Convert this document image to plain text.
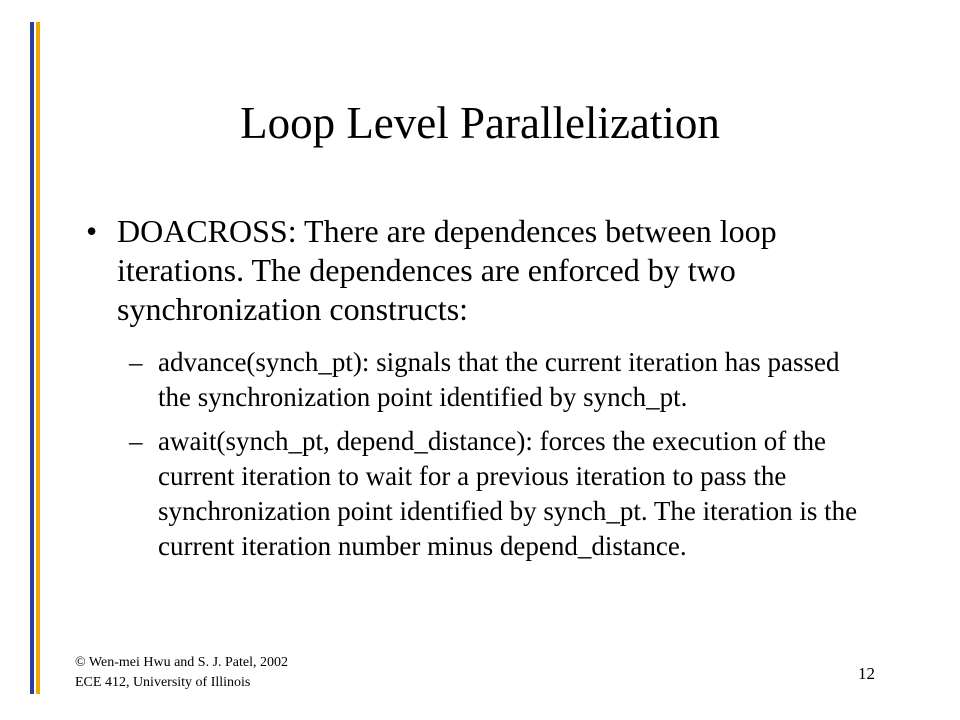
Loop Level Parallelization
• DOACROSS: There are dependences between loop iterations. The dependences are enforced by two synchronization constructs:
– advance(synch_pt): signals that the current iteration has passed the synchronization point identified by synch_pt.
– await(synch_pt, depend_distance): forces the execution of the current iteration to wait for a previous iteration to pass the synchronization point identified by synch_pt. The iteration is the current iteration number minus depend_distance.
© Wen-mei Hwu and S. J. Patel, 2002
ECE 412, University of Illinois	12
